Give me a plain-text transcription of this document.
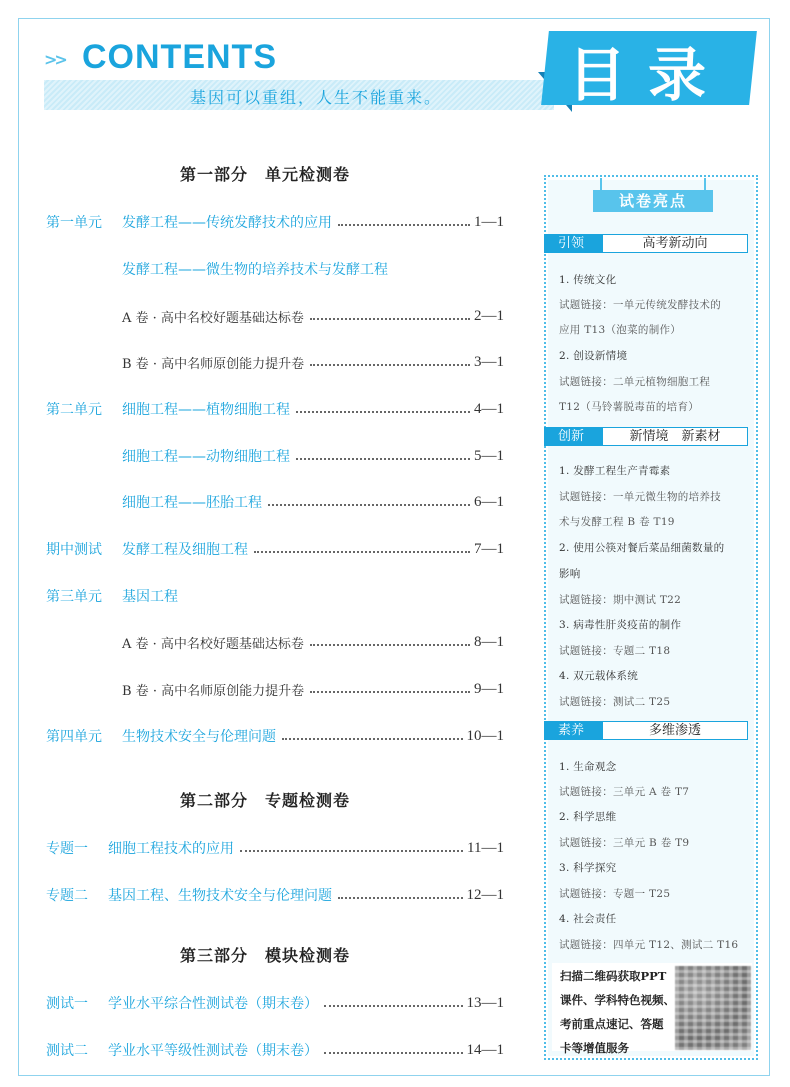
>> CONTENTS
基因可以重组，人生不能重来。 目录
第一部分　单元检测卷
第二部分　专题检测卷
第三部分　模块检测卷
第一单元	发酵工程——传统发酵技术的应用	1—1
发酵工程——微生物的培养技术与发酵工程
A 卷 · 高中名校好题基础达标卷	2—1
B 卷 · 高中名师原创能力提升卷	3—1
第二单元	细胞工程——植物细胞工程	4—1
细胞工程——动物细胞工程	5—1
细胞工程——胚胎工程	6—1
期中测试	发酵工程及细胞工程	7—1
第三单元	基因工程
A 卷 · 高中名校好题基础达标卷	8—1
B 卷 · 高中名师原创能力提升卷	9—1
第四单元	生物技术安全与伦理问题	10—1
专题一	细胞工程技术的应用	11—1
专题二	基因工程、生物技术安全与伦理问题	12—1
测试一	学业水平综合性测试卷（期末卷）	13—1
测试二	学业水平等级性测试卷（期末卷）	14—1
试卷亮点
引领	高考新动向
1. 传统文化
试题链接：一单元传统发酵技术的
应用 T13（泡菜的制作）
2. 创设新情境
试题链接：二单元植物细胞工程
T12（马铃薯脱毒苗的培育）
创新	新情境　新素材
1. 发酵工程生产青霉素
试题链接：一单元微生物的培养技
术与发酵工程 B 卷 T19
2. 使用公筷对餐后菜品细菌数量的
影响
试题链接：期中测试 T22
3. 病毒性肝炎疫苗的制作
试题链接：专题二 T18
4. 双元载体系统
试题链接：测试二 T25
素养	多维渗透
1. 生命观念
试题链接：三单元 A 卷 T7
2. 科学思维
试题链接：三单元 B 卷 T9
3. 科学探究
试题链接：专题一 T25
4. 社会责任
试题链接：四单元 T12、测试二 T16
扫描二维码获取PPT
课件、学科特色视频、
考前重点速记、答题
卡等增值服务
